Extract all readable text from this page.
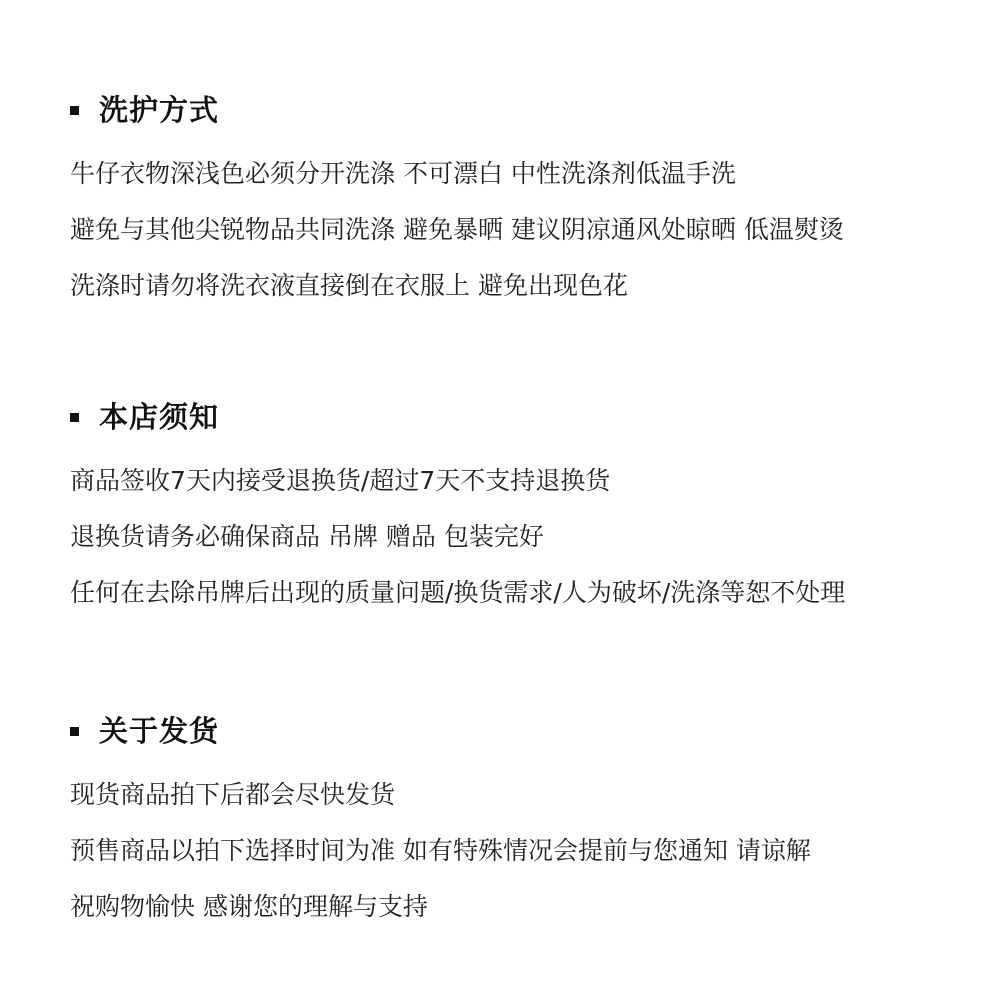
洗护方式
牛仔衣物深浅色必须分开洗涤 不可漂白 中性洗涤剂低温手洗
避免与其他尖锐物品共同洗涤 避免暴晒 建议阴凉通风处晾晒 低温熨烫
洗涤时请勿将洗衣液直接倒在衣服上 避免出现色花
本店须知
商品签收7天内接受退换货/超过7天不支持退换货
退换货请务必确保商品 吊牌 赠品 包装完好
任何在去除吊牌后出现的质量问题/换货需求/人为破坏/洗涤等恕不处理
关于发货
现货商品拍下后都会尽快发货
预售商品以拍下选择时间为准 如有特殊情况会提前与您通知 请谅解
祝购物愉快 感谢您的理解与支持
